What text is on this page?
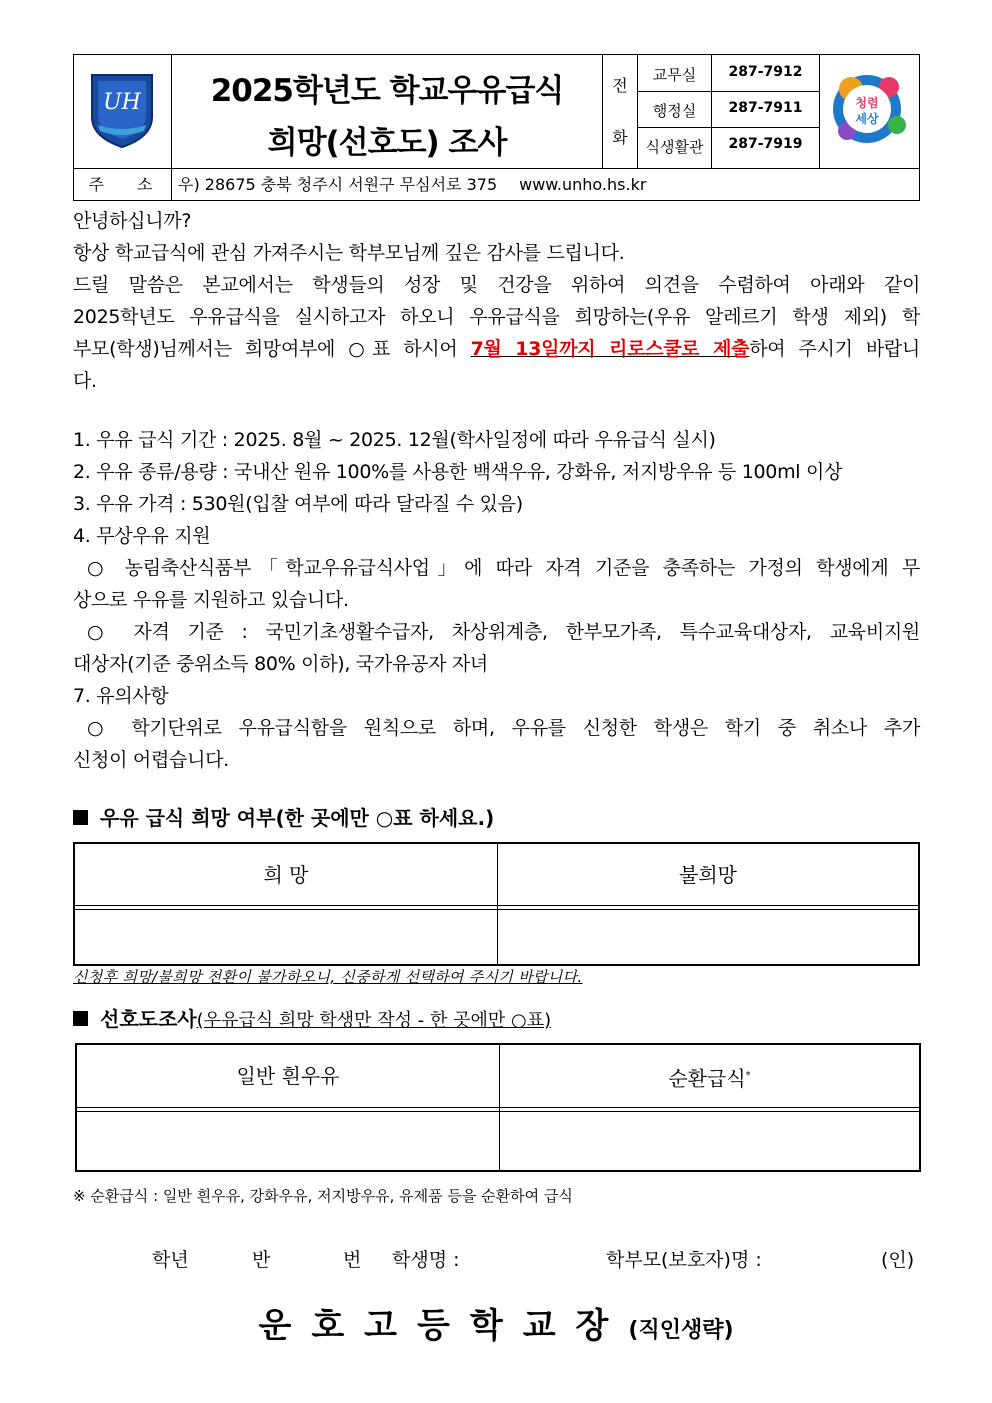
UH	2025학년도 학교우유급식
희망(선호도) 조사
전
화
교무실	287-7912
행정실	287-7911
식생활관	287-7919
청렴
세상
주 소 우) 28675 충북 청주시 서원구 무심서로 375 www.unho.hs.kr
안녕하십니까?
항상 학교급식에 관심 가져주시는 학부모님께 깊은 감사를 드립니다.
드릴 말씀은 본교에서는 학생들의 성장 및 건강을 위하여 의견을 수렴하여 아래와 같이
2025학년도 우유급식을 실시하고자 하오니 우유급식을 희망하는(우유 알레르기 학생 제외) 학
부모(학생)님께서는 희망여부에 ○표 하시어 7월 13일까지 리로스쿨로 제출하여 주시기 바랍니
다.
1. 우유 급식 기간 : 2025. 8월 ~ 2025. 12월(학사일정에 따라 우유급식 실시)
2. 우유 종류/용량 : 국내산 원유 100%를 사용한 백색우유, 강화유, 저지방우유 등 100ml 이상
3. 우유 가격 : 530원(입찰 여부에 따라 달라질 수 있음)
4. 무상우유 지원
○ 농림축산식품부「학교우유급식사업」에 따라 자격 기준을 충족하는 가정의 학생에게 무
상으로 우유를 지원하고 있습니다.
○ 자격 기준 : 국민기초생활수급자, 차상위계층, 한부모가족, 특수교육대상자, 교육비지원
대상자(기준 중위소득 80% 이하), 국가유공자 자녀
7. 유의사항
○ 학기단위로 우유급식함을 원칙으로 하며, 우유를 신청한 학생은 학기 중 취소나 추가
신청이 어렵습니다.
우유 급식 희망 여부(한 곳에만 ○표 하세요.)
희 망	불희망
신청후 희망/불희망 전환이 불가하오니, 신중하게 선택하여 주시기 바랍니다.
선호도조사(우유급식 희망 학생만 작성 - 한 곳에만 ○표)
일반 흰우유	순환급식*
※ 순환급식 : 일반 흰우유, 강화우유, 저지방우유, 유제품 등을 순환하여 급식
학년	반	번 학생명 :	학부모(보호자)명 :	(인)
운호고등학교장(직인생략)
